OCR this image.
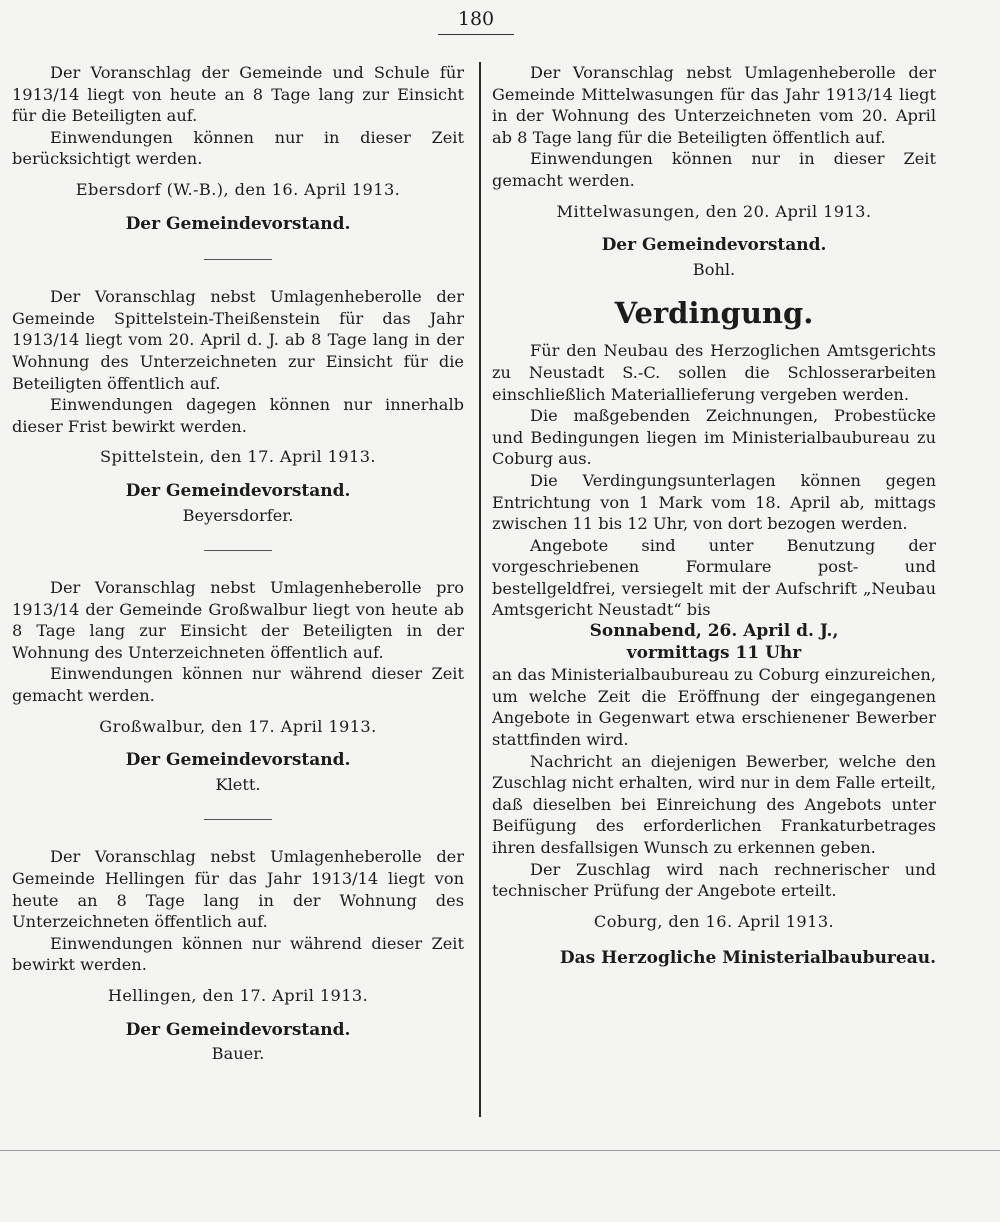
180

Der Voranschlag der Gemeinde und Schule für 1913/14 liegt von heute an 8 Tage lang zur Einsicht für die Beteiligten auf.

Einwendungen können nur in dieser Zeit berücksichtigt werden.

Ebersdorf (W.-B.), den 16. April 1913.

Der Gemeindevorstand.

Der Voranschlag nebst Umlagenheberolle der Gemeinde Spittelstein-Theißenstein für das Jahr 1913/14 liegt vom 20. April d. J. ab 8 Tage lang in der Wohnung des Unterzeichneten zur Einsicht für die Beteiligten öffentlich auf.

Einwendungen dagegen können nur innerhalb dieser Frist bewirkt werden.

Spittelstein, den 17. April 1913.

Der Gemeindevorstand.

Beyersdorfer.

Der Voranschlag nebst Umlagenheberolle pro 1913/14 der Gemeinde Großwalbur liegt von heute ab 8 Tage lang zur Einsicht der Beteiligten in der Wohnung des Unterzeichneten öffentlich auf.

Einwendungen können nur während dieser Zeit gemacht werden.

Großwalbur, den 17. April 1913.

Der Gemeindevorstand.

Klett.

Der Voranschlag nebst Umlagenheberolle der Gemeinde Hellingen für das Jahr 1913/14 liegt von heute an 8 Tage lang in der Wohnung des Unterzeichneten öffentlich auf.

Einwendungen können nur während dieser Zeit bewirkt werden.

Hellingen, den 17. April 1913.

Der Gemeindevorstand.

Bauer.

Der Voranschlag nebst Umlagenheberolle der Gemeinde Mittelwasungen für das Jahr 1913/14 liegt in der Wohnung des Unterzeichneten vom 20. April ab 8 Tage lang für die Beteiligten öffentlich auf.

Einwendungen können nur in dieser Zeit gemacht werden.

Mittelwasungen, den 20. April 1913.

Der Gemeindevorstand.

Bohl.

Verdingung.

Für den Neubau des Herzoglichen Amtsgerichts zu Neustadt S.-C. sollen die Schlosserarbeiten einschließlich Materiallieferung vergeben werden.

Die maßgebenden Zeichnungen, Probestücke und Bedingungen liegen im Ministerialbaubureau zu Coburg aus.

Die Verdingungsunterlagen können gegen Entrichtung von 1 Mark vom 18. April ab, mittags zwischen 11 bis 12 Uhr, von dort bezogen werden.

Angebote sind unter Benutzung der vorgeschriebenen Formulare post- und bestellgeldfrei, versiegelt mit der Aufschrift „Neubau Amtsgericht Neustadt“ bis

Sonnabend, 26. April d. J.,
vormittags 11 Uhr

an das Ministerialbaubureau zu Coburg einzureichen, um welche Zeit die Eröffnung der eingegangenen Angebote in Gegenwart etwa erschienener Bewerber stattfinden wird.

Nachricht an diejenigen Bewerber, welche den Zuschlag nicht erhalten, wird nur in dem Falle erteilt, daß dieselben bei Einreichung des Angebots unter Beifügung des erforderlichen Frankaturbetrages ihren desfallsigen Wunsch zu erkennen geben.

Der Zuschlag wird nach rechnerischer und technischer Prüfung der Angebote erteilt.

Coburg, den 16. April 1913.

Das Herzogliche Ministerialbaubureau.
